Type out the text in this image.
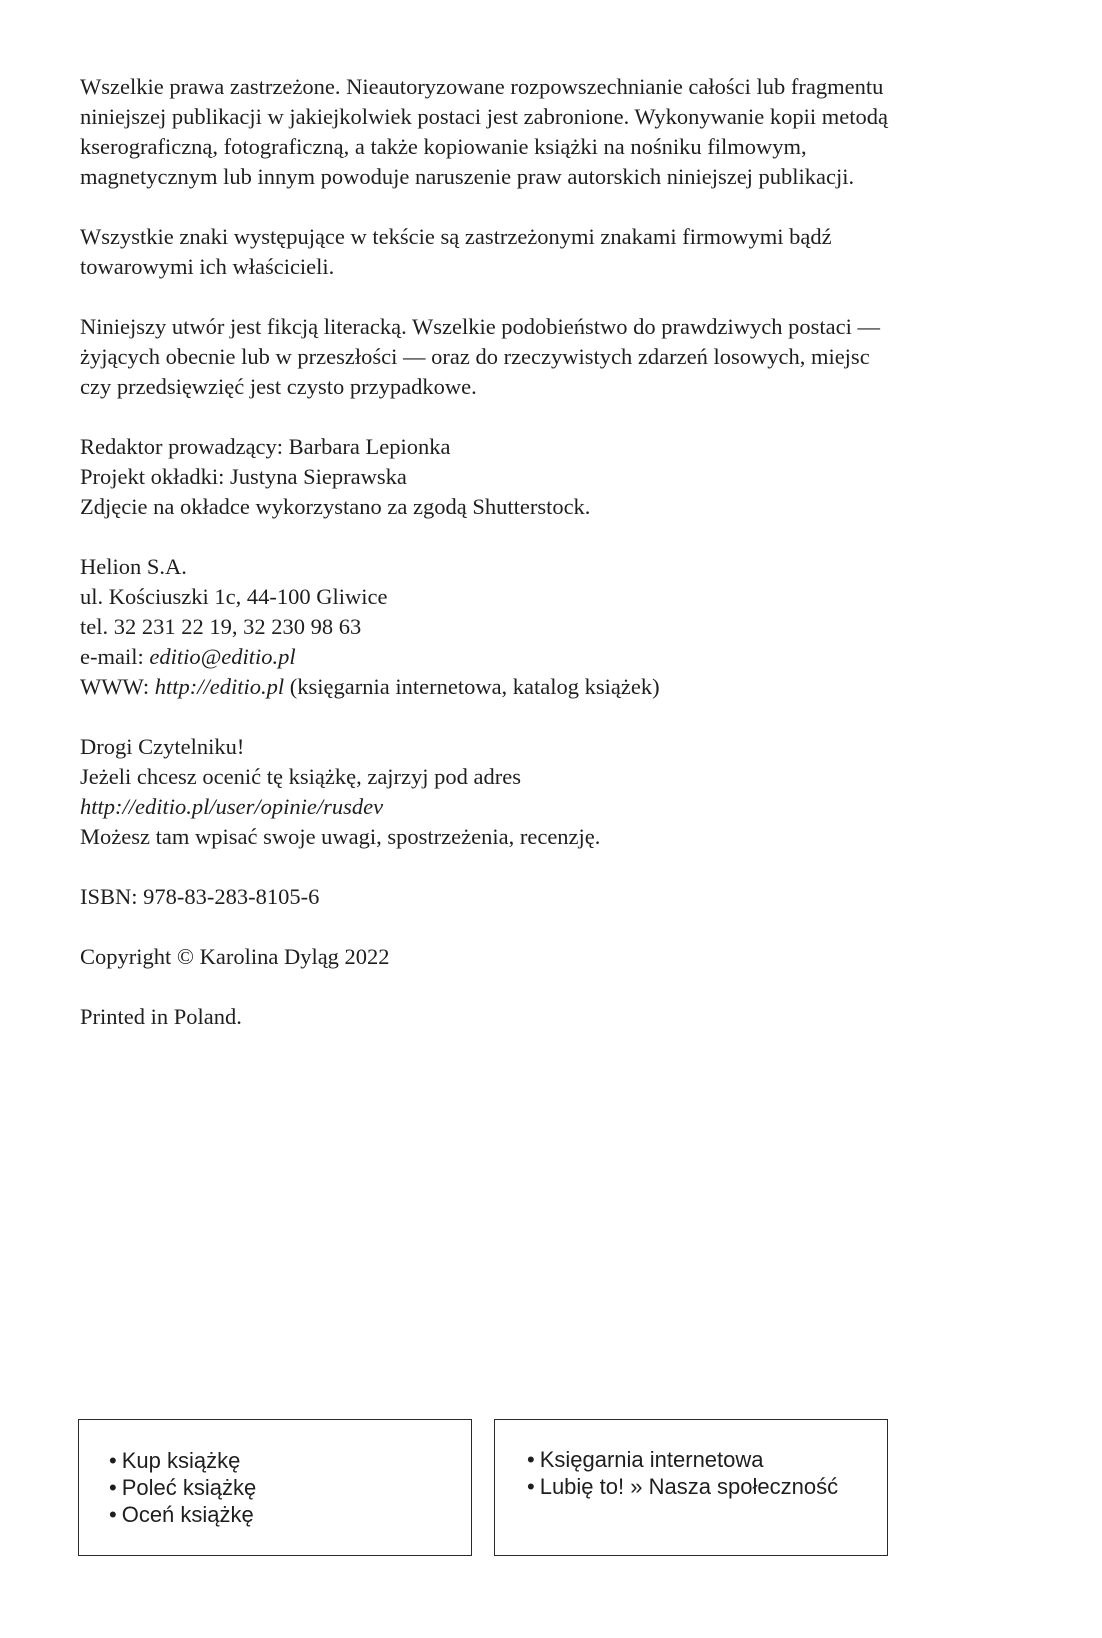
Wszelkie prawa zastrzeżone. Nieautoryzowane rozpowszechnianie całości lub fragmentu
niniejszej publikacji w jakiejkolwiek postaci jest zabronione. Wykonywanie kopii metodą
kserograficzną, fotograficzną, a także kopiowanie książki na nośniku filmowym,
magnetycznym lub innym powoduje naruszenie praw autorskich niniejszej publikacji.

Wszystkie znaki występujące w tekście są zastrzeżonymi znakami firmowymi bądź
towarowymi ich właścicieli.

Niniejszy utwór jest fikcją literacką. Wszelkie podobieństwo do prawdziwych postaci —
żyjących obecnie lub w przeszłości — oraz do rzeczywistych zdarzeń losowych, miejsc
czy przedsięwzięć jest czysto przypadkowe.

Redaktor prowadzący: Barbara Lepionka
Projekt okładki: Justyna Sieprawska
Zdjęcie na okładce wykorzystano za zgodą Shutterstock.

Helion S.A.
ul. Kościuszki 1c, 44-100 Gliwice
tel. 32 231 22 19, 32 230 98 63
e-mail: editio@editio.pl
WWW: http://editio.pl (księgarnia internetowa, katalog książek)

Drogi Czytelniku!
Jeżeli chcesz ocenić tę książkę, zajrzyj pod adres
http://editio.pl/user/opinie/rusdev
Możesz tam wpisać swoje uwagi, spostrzeżenia, recenzję.

ISBN: 978-83-283-8105-6

Copyright © Karolina Dyląg 2022

Printed in Poland.

• Kup książkę
• Poleć książkę
• Oceń książkę
• Księgarnia internetowa
• Lubię to! » Nasza społeczność
